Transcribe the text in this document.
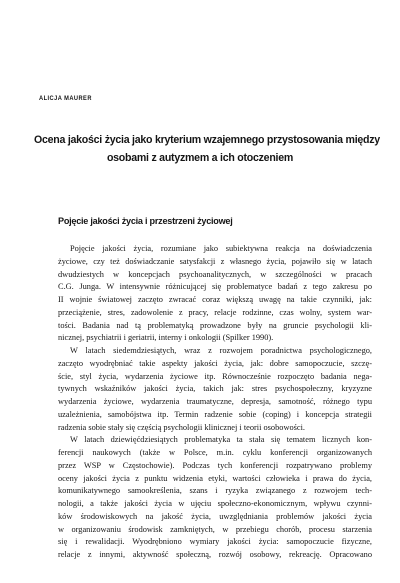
ALICJA MAURER
Ocena jakości życia jako kryterium wzajemnego przystosowania między
osobami z autyzmem a ich otoczeniem
Pojęcie jakości życia i przestrzeni życiowej
Pojęcie jakości życia, rozumiane jako subiektywna reakcja na doświadczenia
życiowe, czy też doświadczanie satysfakcji z własnego życia, pojawiło się w latach
dwudziestych w koncepcjach psychoanalitycznych, w szczególności w pracach
C.G. Junga. W intensywnie różnicującej się problematyce badań z tego zakresu po
II wojnie światowej zaczęto zwracać coraz większą uwagę na takie czynniki, jak:
przeciążenie, stres, zadowolenie z pracy, relacje rodzinne, czas wolny, system war-
tości. Badania nad tą problematyką prowadzone były na gruncie psychologii kli-
nicznej, psychiatrii i geriatrii, interny i onkologii (Spilker 1990).
W latach siedemdziesiątych, wraz z rozwojem poradnictwa psychologicznego,
zaczęto wyodrębniać takie aspekty jakości życia, jak: dobre samopoczucie, szczę-
ście, styl życia, wydarzenia życiowe itp. Równocześnie rozpoczęto badania nega-
tywnych wskaźników jakości życia, takich jak: stres psychospołeczny, kryzyzne
wydarzenia życiowe, wydarzenia traumatyczne, depresja, samotność, różnego typu
uzależnienia, samobójstwa itp. Termin radzenie sobie (coping) i koncepcja strategii
radzenia sobie stały się częścią psychologii klinicznej i teorii osobowości.
W latach dziewięćdziesiątych problematyka ta stała się tematem licznych kon-
ferencji naukowych (także w Polsce, m.in. cyklu konferencji organizowanych
przez WSP w Częstochowie). Podczas tych konferencji rozpatrywano problemy
oceny jakości życia z punktu widzenia etyki, wartości człowieka i prawa do życia,
komunikatywnego samookreślenia, szans i ryzyka związanego z rozwojem tech-
nologii, a także jakości życia w ujęciu społeczno-ekonomicznym, wpływu czynni-
ków środowiskowych na jakość życia, uwzględniania problemów jakości życia
w organizowaniu środowisk zamkniętych, w przebiegu chorób, procesu starzenia
się i rewalidacji. Wyodrębniono wymiary jakości życia: samopoczucie fizyczne,
relacje z innymi, aktywność społeczną, rozwój osobowy, rekreację. Opracowano
